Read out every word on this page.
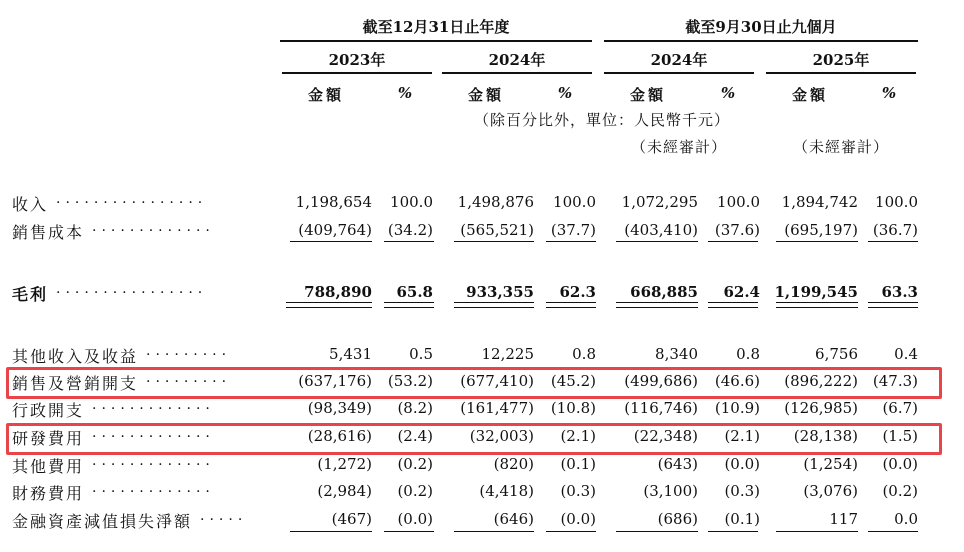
截至12月31日止年度	截至9月30日止九個月
2023年	2024年	2024年	2025年
金額	%	金額	%	金額	%	金額	%
（除百分比外，單位：人民幣千元）
（未經審計）	（未經審計）
收入 ................	1,198,654	100.0	1,498,876	100.0	1,072,295	100.0	1,894,742	100.0
銷售成本 .............	(409,764)	(34.2)	(565,521)	(37.7)	(403,410)	(37.6)	(695,197) (36.7)
毛利 ................	788,890	65.8	933,355	62.3	668,885	62.4 1,199,545	63.3
其他收入及收益 .........	5,431	0.5	12,225	0.8	8,340	0.8	6,756	0.4
銷售及營銷開支 .........	(637,176)	(53.2)	(677,410)	(45.2)	(499,686)	(46.6)	(896,222) (47.3)
行政開支 .............	(98,349)	(8.2)	(161,477)	(10.8)	(116,746)	(10.9)	(126,985)	(6.7)
研發費用 .............	(28,616)	(2.4)	(32,003)	(2.1)	(22,348)	(2.1)	(28,138)	(1.5)
其他費用 .............	(1,272)	(0.2)	(820)	(0.1)	(643)	(0.0)	(1,254)	(0.0)
財務費用 .............	(2,984)	(0.2)	(4,418)	(0.3)	(3,100)	(0.3)	(3,076)	(0.2)
金融資產減值損失淨額 .....	(467)	(0.0)	(646)	(0.0)	(686)	(0.1)	117	0.0
